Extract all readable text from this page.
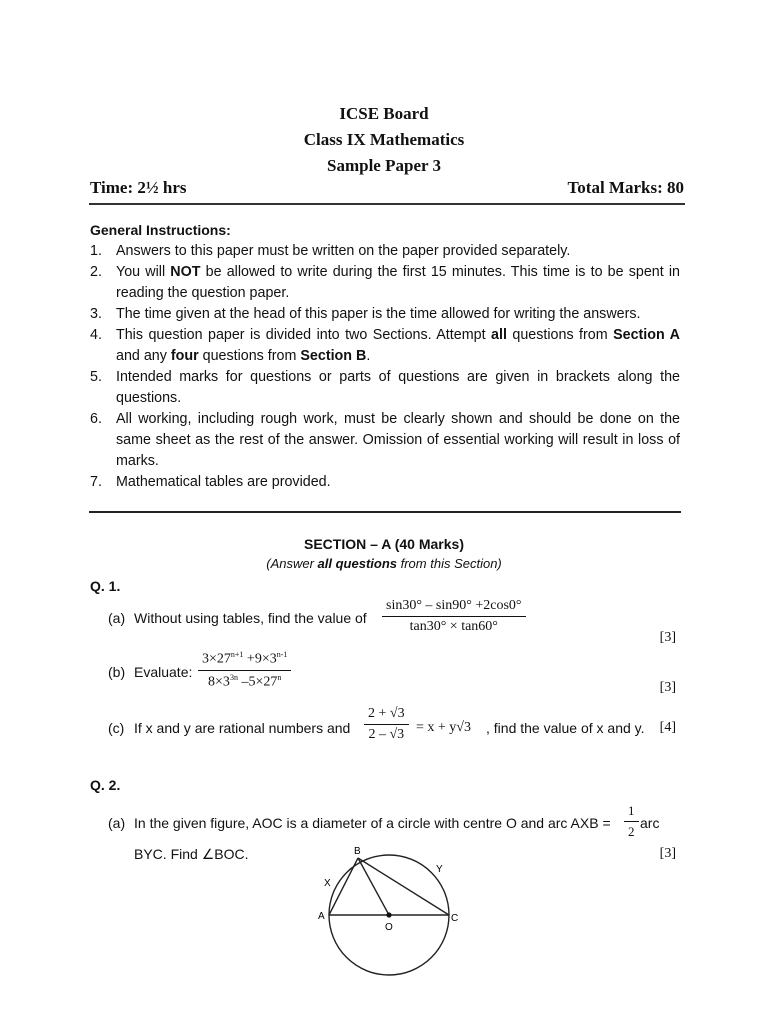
ICSE Board
Class IX Mathematics
Sample Paper 3
Time: 2½ hrs	Total Marks: 80
General Instructions:
1. Answers to this paper must be written on the paper provided separately.
2. You will NOT be allowed to write during the first 15 minutes. This time is to be spent in reading the question paper.
3. The time given at the head of this paper is the time allowed for writing the answers.
4. This question paper is divided into two Sections. Attempt all questions from Section A and any four questions from Section B.
5. Intended marks for questions or parts of questions are given in brackets along the questions.
6. All working, including rough work, must be clearly shown and should be done on the same sheet as the rest of the answer. Omission of essential working will result in loss of marks.
7. Mathematical tables are provided.
SECTION – A (40 Marks)
(Answer all questions from this Section)
Q. 1.
(a) Without using tables, find the value of $\frac{\sin 30^\circ - \sin 90^\circ +2\cos 0^\circ}{\tan 30^\circ \times \tan 60^\circ}$
[3]
(b) Evaluate: $\frac{3\times 27^{n+1} +9\times 3^{n-1}}{8\times 3^{3n} -5\times 27^n}$	[3]
(c) If x and y are rational numbers and $\frac{2 + √3}{2 - √3} = x + y√3$ , find the value of x and y. [4]
Q. 2.
(a) In the given figure, AOC is a diameter of a circle with centre O and arc AXB = $\frac{1}{2}$ arc
BYC. Find ∠BOC.	[3]
B
X
A
O
C
Y
